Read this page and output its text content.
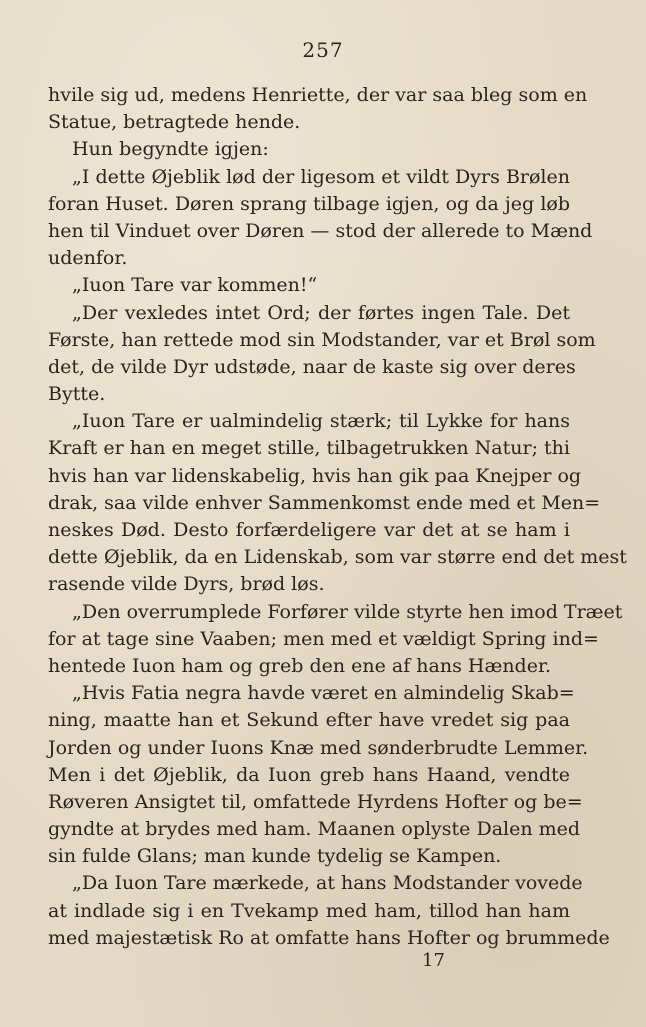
257
hvile sig ud, medens Henriette, der var saa bleg som en
Statue, betragtede hende.
Hun begyndte igjen:
„I dette Øjeblik lød der ligesom et vildt Dyrs Brølen
foran Huset. Døren sprang tilbage igjen, og da jeg løb
hen til Vinduet over Døren — stod der allerede to Mænd
udenfor.
„Iuon Tare var kommen!“
„Der vexledes intet Ord; der førtes ingen Tale. Det
Første, han rettede mod sin Modstander, var et Brøl som
det, de vilde Dyr udstøde, naar de kaste sig over deres
Bytte.
„Iuon Tare er ualmindelig stærk; til Lykke for hans
Kraft er han en meget stille, tilbagetrukken Natur; thi
hvis han var lidenskabelig, hvis han gik paa Knejper og
drak, saa vilde enhver Sammenkomst ende med et Men=
neskes Død. Desto forfærdeligere var det at se ham i
dette Øjeblik, da en Lidenskab, som var større end det mest
rasende vilde Dyrs, brød løs.
„Den overrumplede Forfører vilde styrte hen imod Træet
for at tage sine Vaaben; men med et vældigt Spring ind=
hentede Iuon ham og greb den ene af hans Hænder.
„Hvis Fatia negra havde været en almindelig Skab=
ning, maatte han et Sekund efter have vredet sig paa
Jorden og under Iuons Knæ med sønderbrudte Lemmer.
Men i det Øjeblik, da Iuon greb hans Haand, vendte
Røveren Ansigtet til, omfattede Hyrdens Hofter og be=
gyndte at brydes med ham. Maanen oplyste Dalen med
sin fulde Glans; man kunde tydelig se Kampen.
„Da Iuon Tare mærkede, at hans Modstander vovede
at indlade sig i en Tvekamp med ham, tillod han ham
med majestætisk Ro at omfatte hans Hofter og brummede
17
